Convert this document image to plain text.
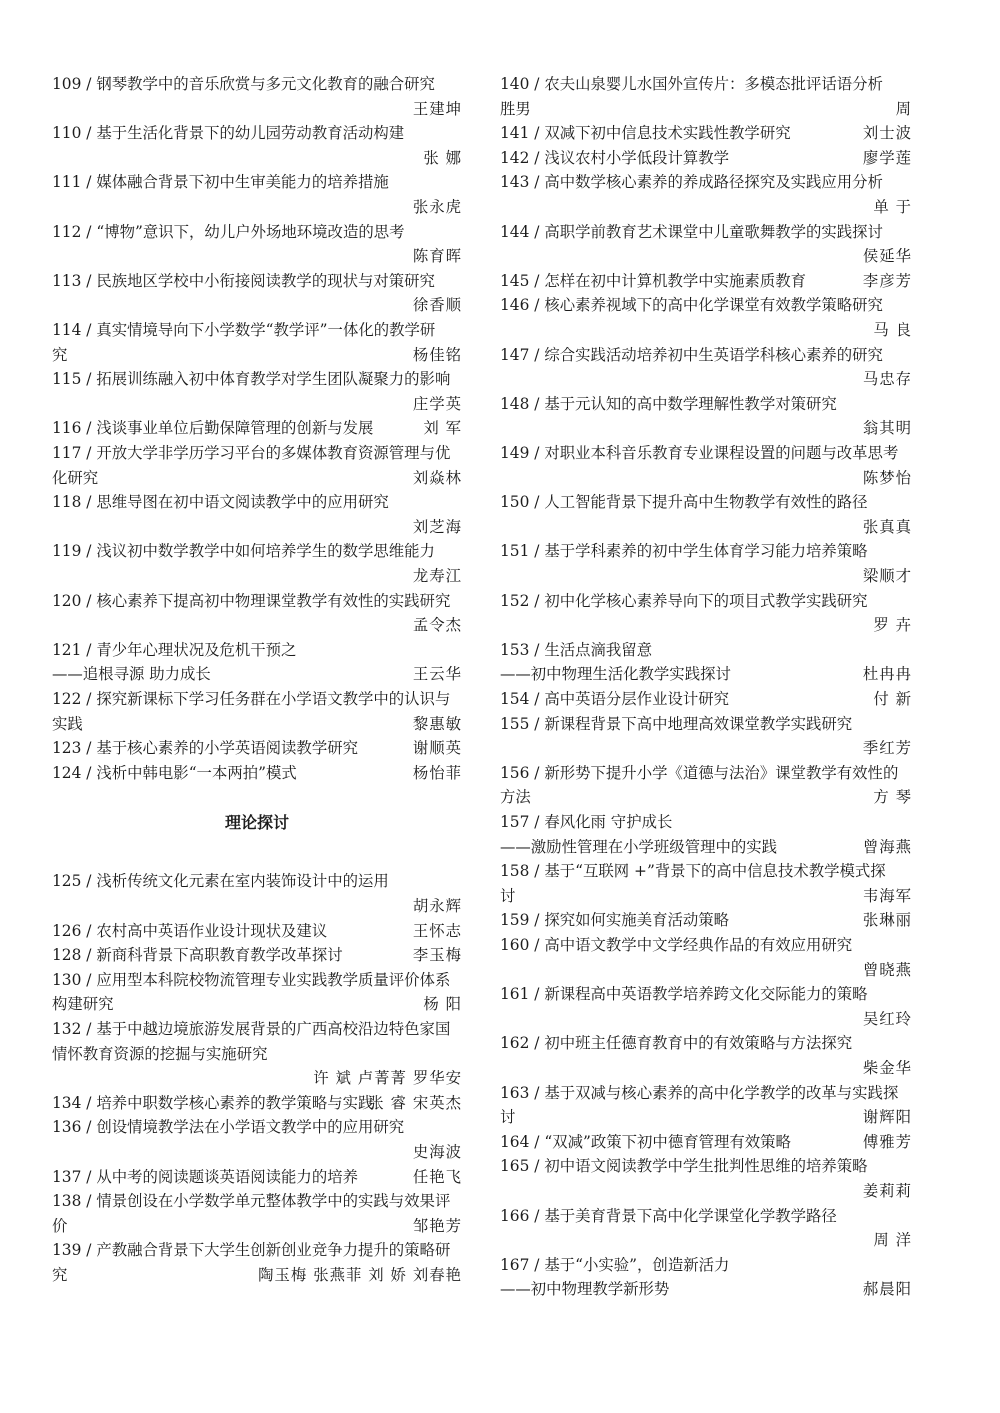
109 / 钢琴教学中的音乐欣赏与多元文化教育的融合研究
王建坤
110 / 基于生活化背景下的幼儿园劳动教育活动构建
张 娜
111 / 媒体融合背景下初中生审美能力的培养措施
张永虎
112 / “博物”意识下，幼儿户外场地环境改造的思考
陈育晖
113 / 民族地区学校中小衔接阅读教学的现状与对策研究
徐香顺
114 / 真实情境导向下小学数学“教学评”一体化的教学研
究	杨佳铭
115 / 拓展训练融入初中体育教学对学生团队凝聚力的影响
庄学英
116 / 浅谈事业单位后勤保障管理的创新与发展	刘 军
117 / 开放大学非学历学习平台的多媒体教育资源管理与优
化研究	刘焱林
118 / 思维导图在初中语文阅读教学中的应用研究
刘芝海
119 / 浅议初中数学教学中如何培养学生的数学思维能力
龙寿江
120 / 核心素养下提高初中物理课堂教学有效性的实践研究
孟令杰
121 / 青少年心理状况及危机干预之
——追根寻源 助力成长	王云华
122 / 探究新课标下学习任务群在小学语文教学中的认识与
实践	黎惠敏
123 / 基于核心素养的小学英语阅读教学研究	谢顺英
124 / 浅析中韩电影“一本两拍”模式	杨怡菲
理论探讨
125 / 浅析传统文化元素在室内装饰设计中的运用
胡永辉
126 / 农村高中英语作业设计现状及建议	王怀志
128 / 新商科背景下高职教育教学改革探讨	李玉梅
130 / 应用型本科院校物流管理专业实践教学质量评价体系
构建研究	杨 阳
132 / 基于中越边境旅游发展背景的广西高校沿边特色家国
情怀教育资源的挖掘与实施研究
许 斌 卢菁菁 罗华安
134 / 培养中职数学核心素养的教学策略与实践
张 睿 宋英杰
136 / 创设情境教学法在小学语文教学中的应用研究
史海波
137 / 从中考的阅读题谈英语阅读能力的培养	任艳飞
138 / 情景创设在小学数学单元整体教学中的实践与效果评
价	邹艳芳
139 / 产教融合背景下大学生创新创业竞争力提升的策略研
究	陶玉梅 张燕菲 刘 娇 刘春艳
140 / 农夫山泉婴儿水国外宣传片：多模态批评话语分析
胜男	周
141 / 双减下初中信息技术实践性教学研究	刘士波
142 / 浅议农村小学低段计算教学	廖学莲
143 / 高中数学核心素养的养成路径探究及实践应用分析
单 于
144 / 高职学前教育艺术课堂中儿童歌舞教学的实践探讨
侯延华
145 / 怎样在初中计算机教学中实施素质教育	李彦芳
146 / 核心素养视域下的高中化学课堂有效教学策略研究
马 良
147 / 综合实践活动培养初中生英语学科核心素养的研究
马忠存
148 / 基于元认知的高中数学理解性教学对策研究
翁其明
149 / 对职业本科音乐教育专业课程设置的问题与改革思考
陈梦怡
150 / 人工智能背景下提升高中生物教学有效性的路径
张真真
151 / 基于学科素养的初中学生体育学习能力培养策略
梁顺才
152 / 初中化学核心素养导向下的项目式教学实践研究
罗 卉
153 / 生活点滴我留意
——初中物理生活化教学实践探讨	杜冉冉
154 / 高中英语分层作业设计研究	付 新
155 / 新课程背景下高中地理高效课堂教学实践研究
季红芳
156 / 新形势下提升小学《道德与法治》课堂教学有效性的
方法	方 琴
157 / 春风化雨 守护成长
——激励性管理在小学班级管理中的实践	曾海燕
158 / 基于“互联网 +”背景下的高中信息技术教学模式探
讨	韦海军
159 / 探究如何实施美育活动策略	张琳丽
160 / 高中语文教学中文学经典作品的有效应用研究
曾晓燕
161 / 新课程高中英语教学培养跨文化交际能力的策略
吴红玲
162 / 初中班主任德育教育中的有效策略与方法探究
柴金华
163 / 基于双减与核心素养的高中化学教学的改革与实践探
讨	谢辉阳
164 / “双减”政策下初中德育管理有效策略	傅雅芳
165 / 初中语文阅读教学中学生批判性思维的培养策略
姜莉莉
166 / 基于美育背景下高中化学课堂化学教学路径
周 洋
167 / 基于“小实验”，创造新活力
——初中物理教学新形势	郝晨阳
